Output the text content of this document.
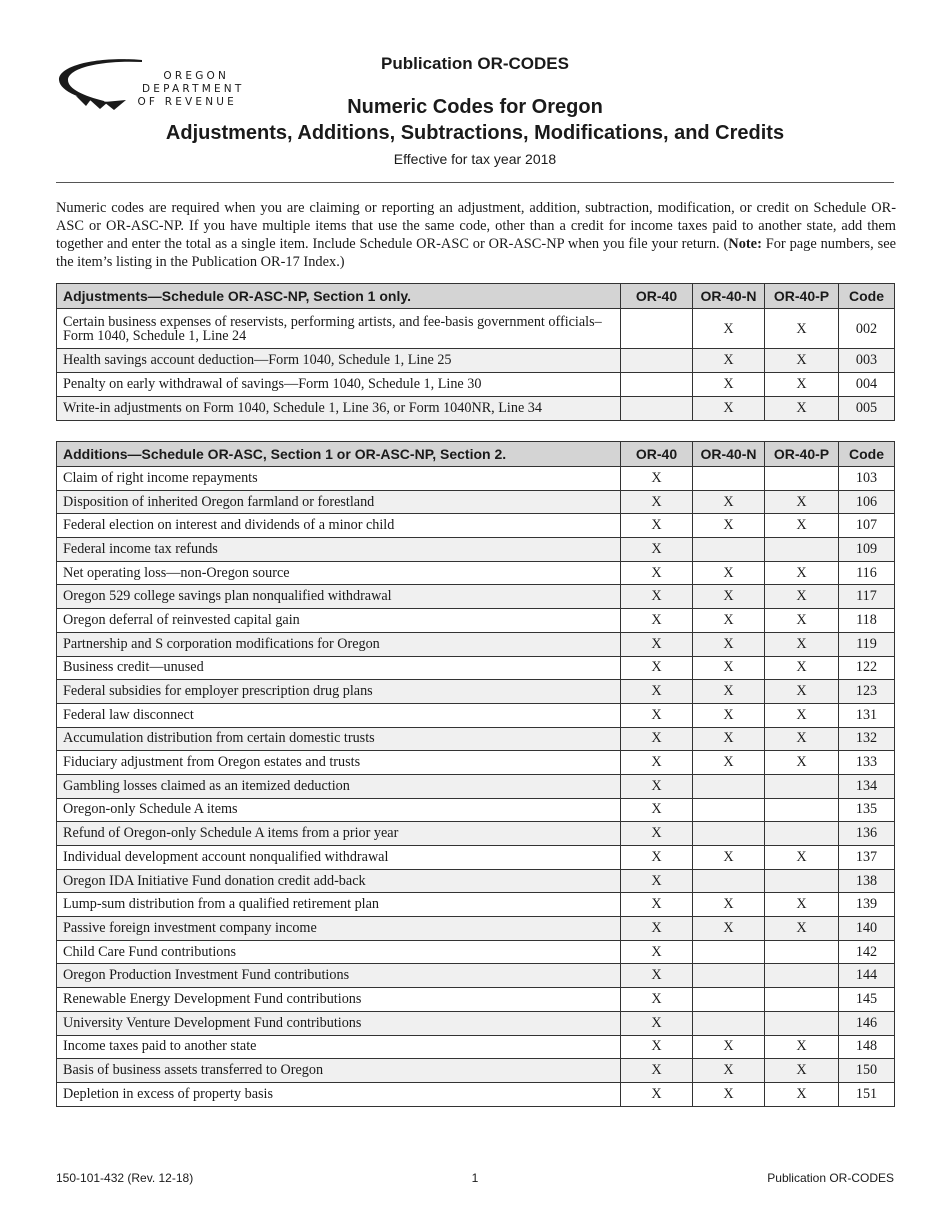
OREGON
DEPARTMENT
OF REVENUE
Publication OR-CODES
Numeric Codes for Oregon
Adjustments, Additions, Subtractions, Modifications, and Credits
Effective for tax year 2018

Numeric codes are required when you are claiming or reporting an adjustment, addition, subtraction, modification, or credit on Schedule OR-ASC or OR-ASC-NP. If you have multiple items that use the same code, other than a credit for income taxes paid to another state, add them together and enter the total as a single item. Include Schedule OR-ASC or OR-ASC-NP when you file your return. (Note: For page numbers, see the item’s listing in the Publication OR-17 Index.)

Adjustments—Schedule OR-ASC-NP, Section 1 only.	OR-40	OR-40-N	OR-40-P	Code
Certain business expenses of reservists, performing artists, and fee-basis government officials–Form 1040, Schedule 1, Line 24		X	X	002
Health savings account deduction—Form 1040, Schedule 1, Line 25		X	X	003
Penalty on early withdrawal of savings—Form 1040, Schedule 1, Line 30		X	X	004
Write-in adjustments on Form 1040, Schedule 1, Line 36, or Form 1040NR, Line 34		X	X	005
Additions—Schedule OR-ASC, Section 1 or OR-ASC-NP, Section 2.	OR-40	OR-40-N	OR-40-P	Code
Claim of right income repayments	X			103
Disposition of inherited Oregon farmland or forestland	X	X	X	106
Federal election on interest and dividends of a minor child	X	X	X	107
Federal income tax refunds	X			109
Net operating loss—non-Oregon source	X	X	X	116
Oregon 529 college savings plan nonqualified withdrawal	X	X	X	117
Oregon deferral of reinvested capital gain	X	X	X	118
Partnership and S corporation modifications for Oregon	X	X	X	119
Business credit—unused	X	X	X	122
Federal subsidies for employer prescription drug plans	X	X	X	123
Federal law disconnect	X	X	X	131
Accumulation distribution from certain domestic trusts	X	X	X	132
Fiduciary adjustment from Oregon estates and trusts	X	X	X	133
Gambling losses claimed as an itemized deduction	X			134
Oregon-only Schedule A items	X			135
Refund of Oregon-only Schedule A items from a prior year	X			136
Individual development account nonqualified withdrawal	X	X	X	137
Oregon IDA Initiative Fund donation credit add-back	X			138
Lump-sum distribution from a qualified retirement plan	X	X	X	139
Passive foreign investment company income	X	X	X	140
Child Care Fund contributions	X			142
Oregon Production Investment Fund contributions	X			144
Renewable Energy Development Fund contributions	X			145
University Venture Development Fund contributions	X			146
Income taxes paid to another state	X	X	X	148
Basis of business assets transferred to Oregon	X	X	X	150
Depletion in excess of property basis	X	X	X	151
150-101-432 (Rev. 12-18)	1	Publication OR-CODES
